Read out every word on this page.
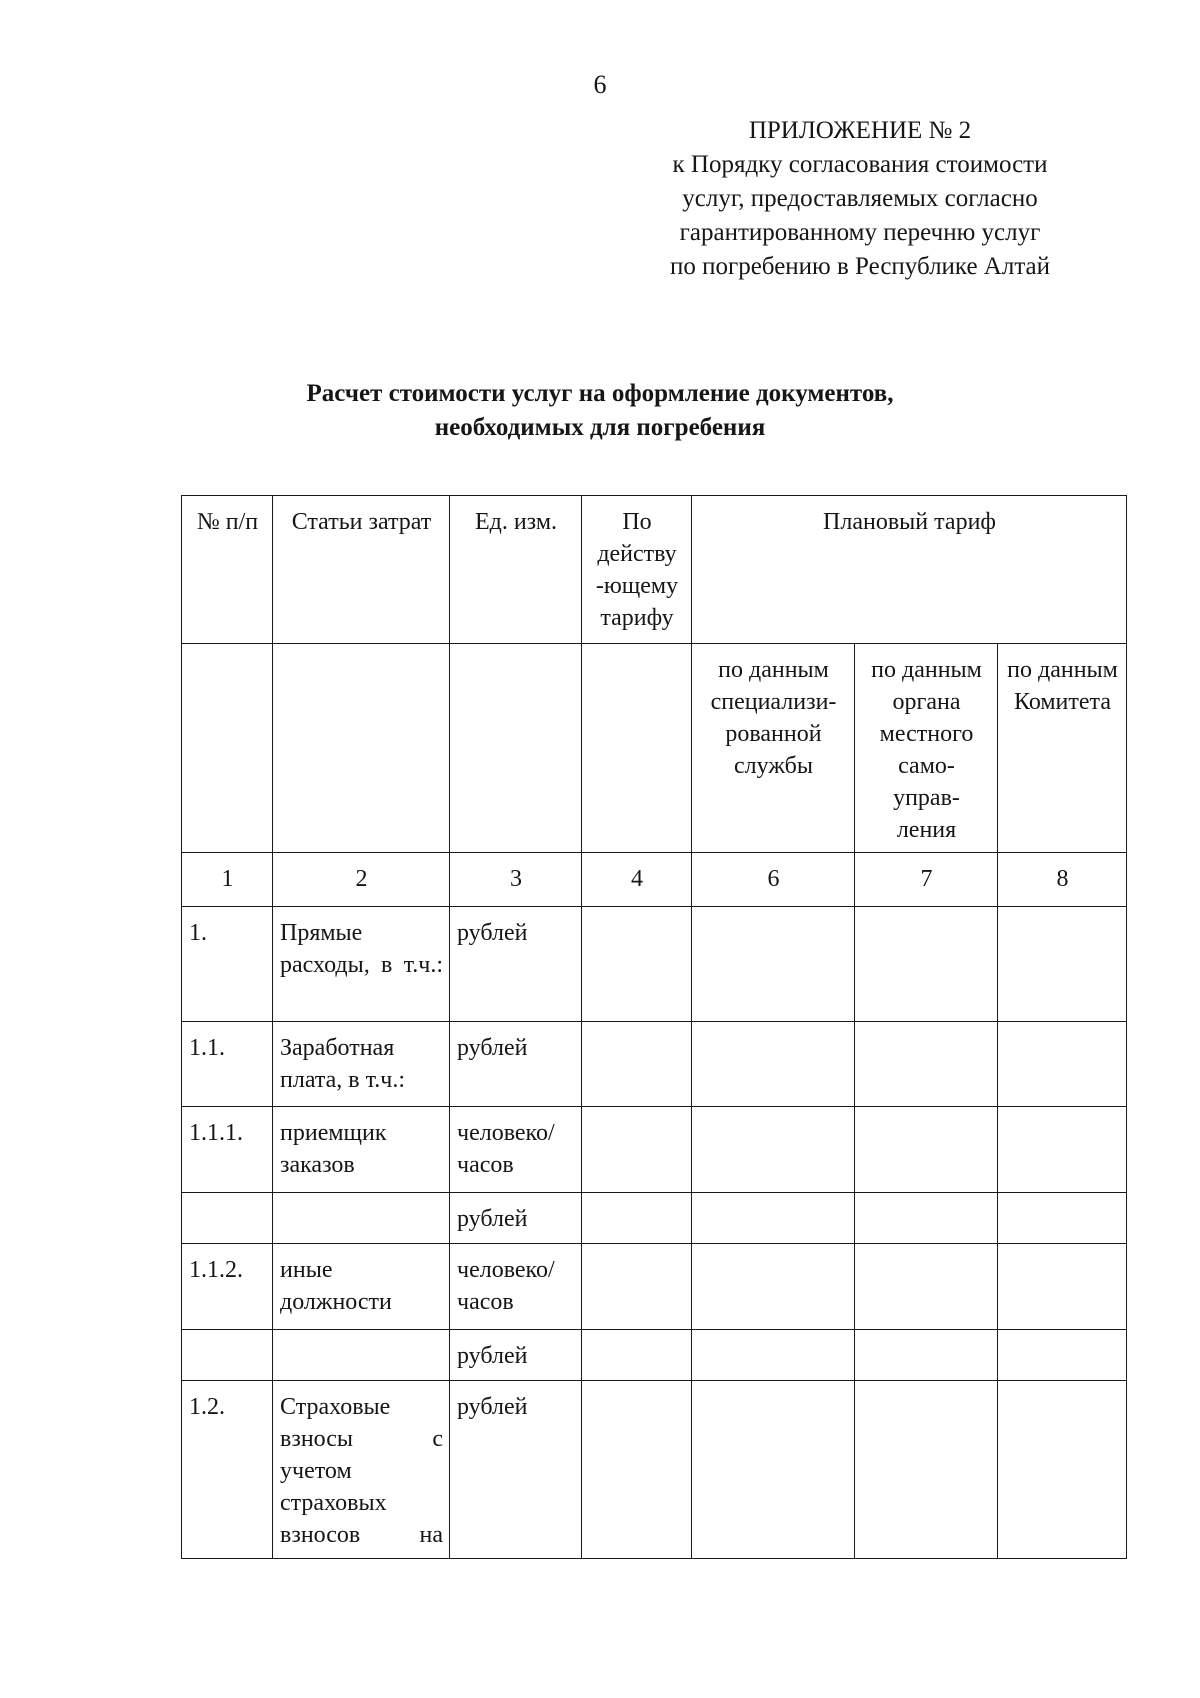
6
ПРИЛОЖЕНИЕ № 2
к Порядку согласования стоимости
услуг, предоставляемых согласно
гарантированному перечню услуг
по погребению в Республике Алтай
Расчет стоимости услуг на оформление документов,
необходимых для погребения
№ п/п	Статьи затрат	Ед. изм.	По действу -ющему тарифу	Плановый тариф		
				по данным специализи- рованной службы	по данным органа местного само- управ- ления	по данным Комитета
1	2	3	4	6	7	8
1.	Прямые расходы, в т.ч.:	рублей				
1.1.	Заработная плата, в т.ч.:	рублей				
1.1.1.	приемщик заказов	человеко/ часов				
		рублей				
1.1.2.	иные должности	человеко/ часов				
		рублей				
1.2.	Страховые взносы с учетом страховых взносов на	рублей				
